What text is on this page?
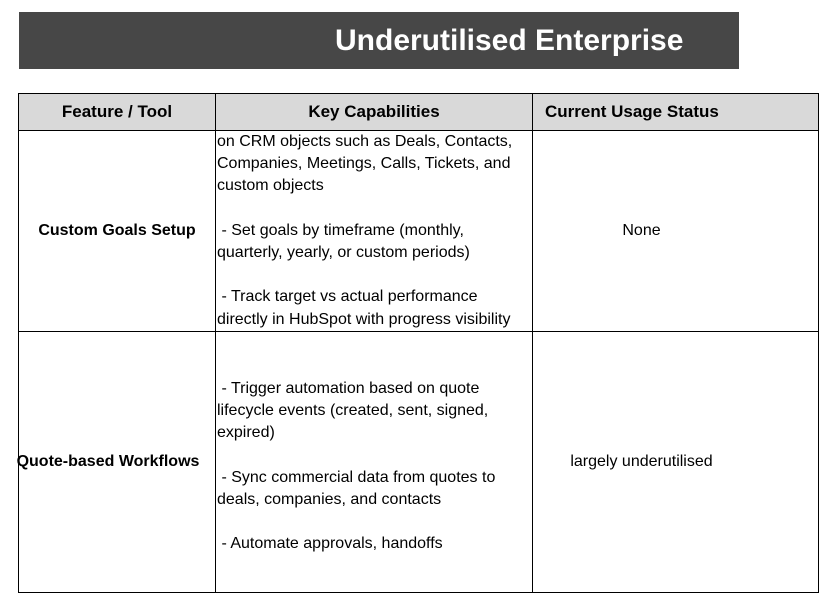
Underutilised Enterprise
Feature / Tool	Key Capabilities	Current Usage Status
Custom Goals Setup	on CRM objects such as Deals, Contacts, Companies, Meetings, Calls, Tickets, and custom objects

- Set goals by timeframe (monthly, quarterly, yearly, or custom periods)

- Track target vs actual performance directly in HubSpot with progress visibility	None
Quote-based Workflows	- Trigger automation based on quote lifecycle events (created, sent, signed, expired)

- Sync commercial data from quotes to deals, companies, and contacts

- Automate approvals, handoffs	largely underutilised
